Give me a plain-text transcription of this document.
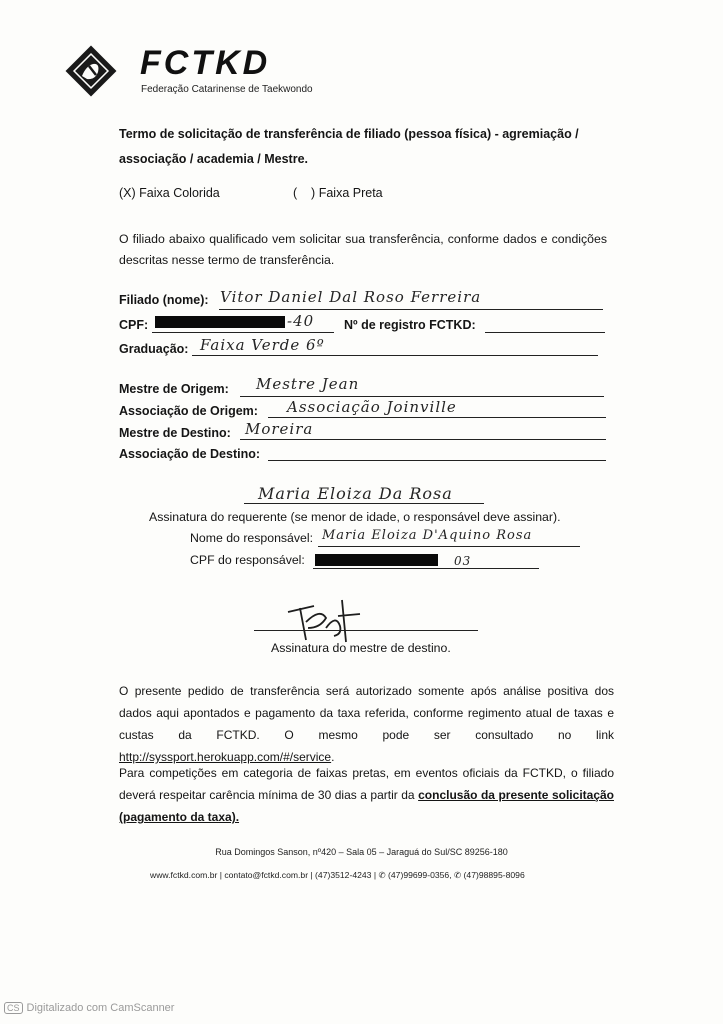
FCTKD
Federação Catarinense de Taekwondo
Termo de solicitação de transferência de filiado (pessoa física) - agremiação / associação / academia / Mestre.
(X) Faixa Colorida	(    ) Faixa Preta
O filiado abaixo qualificado vem solicitar sua transferência, conforme dados e condições descritas nesse termo de transferência.
Filiado (nome): Vitor Daniel Dal Roso Ferreira
CPF:	-40 Nº de registro FCTKD:
Graduação: Faixa Verde 6º
Mestre de Origem: Mestre Jean
Associação de Origem: Associação Joinville
Mestre de Destino: Moreira
Associação de Destino:
Maria Eloiza Da Rosa
Assinatura do requerente (se menor de idade, o responsável deve assinar).
Nome do responsável: Maria Eloiza D'Aquino Rosa
CPF do responsável:	03
Assinatura do mestre de destino.
O presente pedido de transferência será autorizado somente após análise positiva dos dados aqui apontados e pagamento da taxa referida, conforme regimento atual de taxas e custas da FCTKD. O mesmo pode ser consultado no link http://syssport.herokuapp.com/#/service.
Para competições em categoria de faixas pretas, em eventos oficiais da FCTKD, o filiado deverá respeitar carência mínima de 30 dias a partir da conclusão da presente solicitação (pagamento da taxa).
Rua Domingos Sanson, nº420 – Sala 05 – Jaraguá do Sul/SC 89256-180
www.fctkd.com.br | contato@fctkd.com.br | (47)3512-4243 | ✆ (47)99699-0356, ✆ (47)98895-8096
CS Digitalizado com CamScanner
